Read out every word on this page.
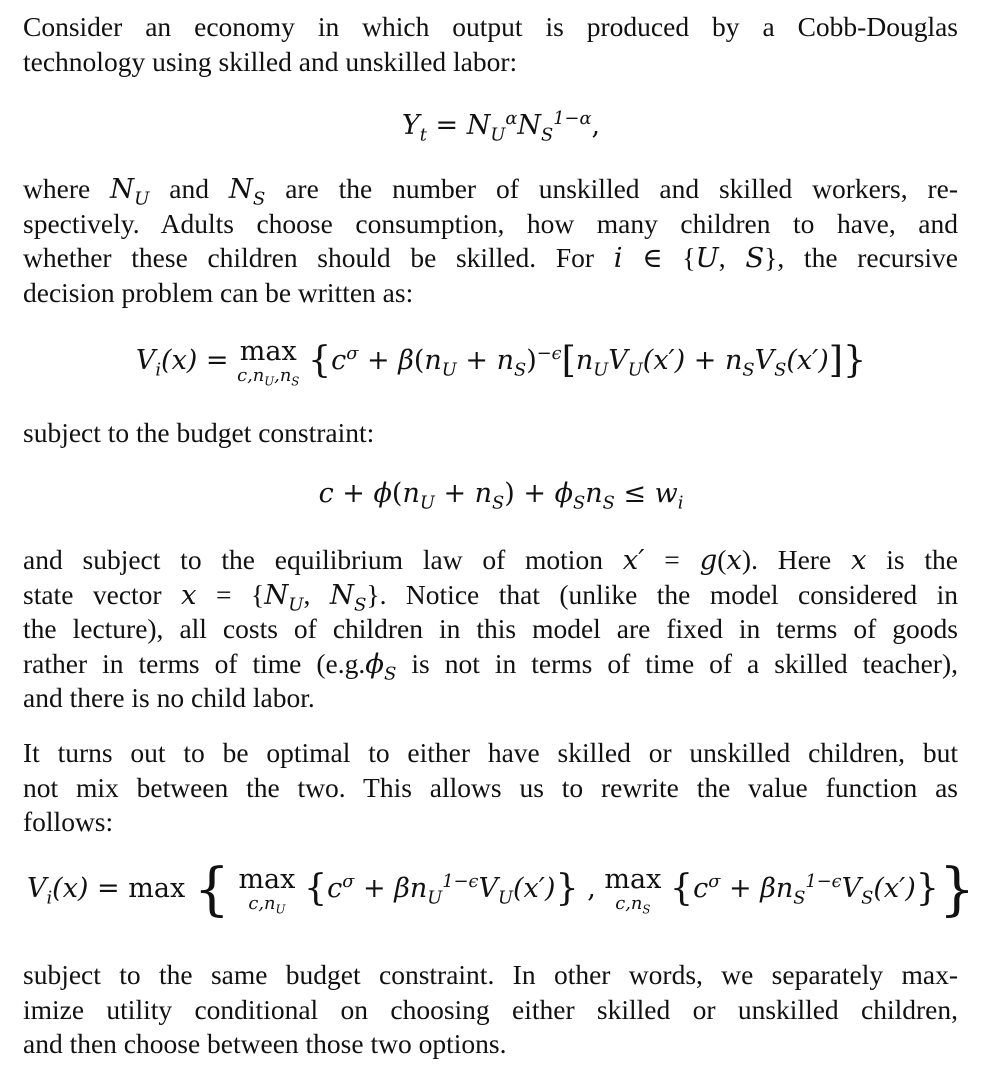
Consider an economy in which output is produced by a Cobb-Douglas
technology using skilled and unskilled labor:

$Y_t = N_U^\alpha N_S^{1-\alpha}$,

where $N_U$ and $N_S$ are the number of unskilled and skilled workers, re-
spectively. Adults choose consumption, how many children to have, and
whether these children should be skilled. For i ∈ {U, S}, the recursive
decision problem can be written as:

$V_i(x) = \max$
$c,n_U,n_S$
$\{c^\sigma + \beta(n_U + n_S)^{-\epsilon}[n_UV_U(x') + n_SV_S(x')]\}$

subject to the budget constraint:

$c + \phi(n_U + n_S) + \phi_Sn_S \le w_i$

and subject to the equilibrium law of motion x′ = g(x). Here x is the
state vector $x = \{N_U$, $N_S$}. Notice that (unlike the model considered in
the lecture), all costs of children in this model are fixed in terms of goods
rather in terms of time ($e.g.\phi_S$ is not in terms of time of a skilled teacher),
and there is no child labor.

It turns out to be optimal to either have skilled or unskilled children, but
not mix between the two. This allows us to rewrite the value function as
follows:

$V_i(x) = \max$ { max
$c,n_U$
$\{c^\sigma + \beta n_U^{1-\epsilon}V_U(x')\}$ , max
$c,n_S$
$\{c^\sigma + \beta n_S^{1-\epsilon}V_S(x')\}$}

subject to the same budget constraint. In other words, we separately max-
imize utility conditional on choosing either skilled or unskilled children,
and then choose between those two options.
